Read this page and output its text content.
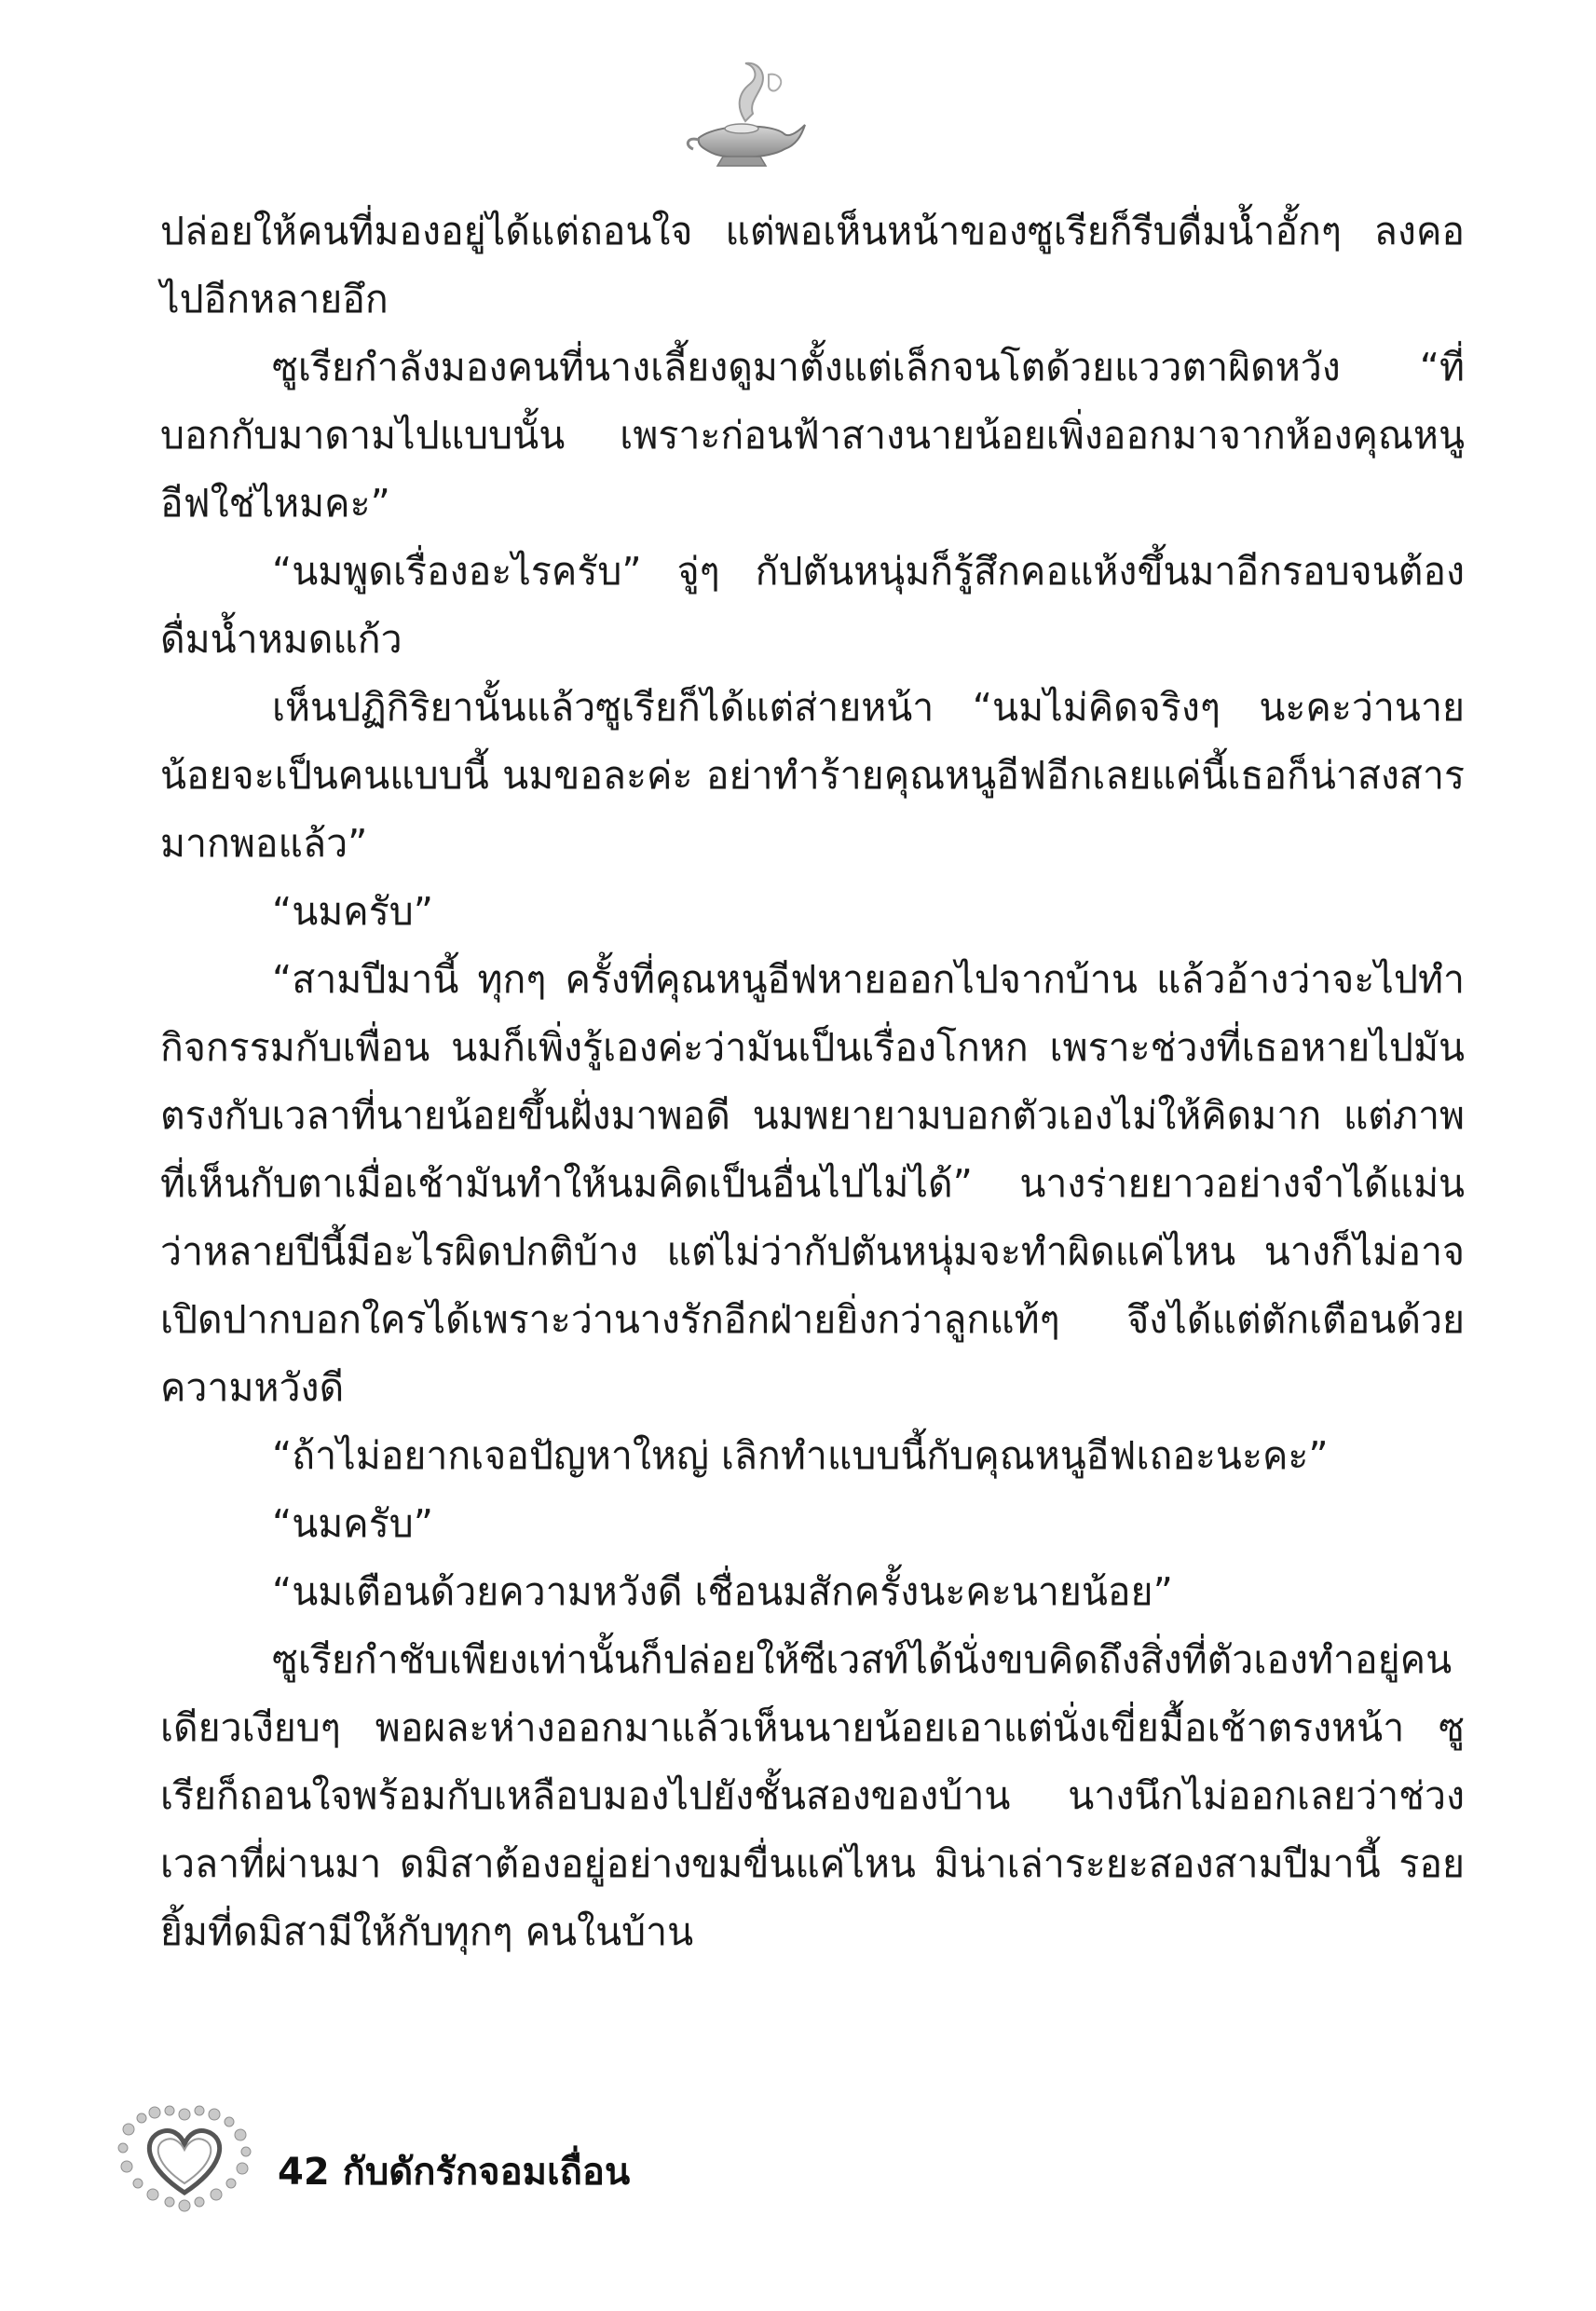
ปล่อยให้คนที่มองอยู่ได้แต่ถอนใจ แต่พอเห็นหน้าของซูเรียก็รีบดื่มน้ำอั้กๆ ลงคอไปอีกหลายอึก

ซูเรียกำลังมองคนที่นางเลี้ยงดูมาตั้งแต่เล็กจนโตด้วยแววตาผิดหวัง “ที่บอกกับมาดามไปแบบนั้น เพราะก่อนฟ้าสางนายน้อยเพิ่งออกมาจากห้องคุณหนูอีฟใช่ไหมคะ”

“นมพูดเรื่องอะไรครับ” จู่ๆ กัปตันหนุ่มก็รู้สึกคอแห้งขึ้นมาอีกรอบจนต้องดื่มน้ำหมดแก้ว

เห็นปฏิกิริยานั้นแล้วซูเรียก็ได้แต่ส่ายหน้า “นมไม่คิดจริงๆ นะคะว่านายน้อยจะเป็นคนแบบนี้ นมขอละค่ะ อย่าทำร้ายคุณหนูอีฟอีกเลยแค่นี้เธอก็น่าสงสารมากพอแล้ว”

“นมครับ”

“สามปีมานี้ ทุกๆ ครั้งที่คุณหนูอีฟหายออกไปจากบ้าน แล้วอ้างว่าจะไปทำกิจกรรมกับเพื่อน นมก็เพิ่งรู้เองค่ะว่ามันเป็นเรื่องโกหก เพราะช่วงที่เธอหายไปมันตรงกับเวลาที่นายน้อยขึ้นฝั่งมาพอดี นมพยายามบอกตัวเองไม่ให้คิดมาก แต่ภาพที่เห็นกับตาเมื่อเช้ามันทำให้นมคิดเป็นอื่นไปไม่ได้” นางร่ายยาวอย่างจำได้แม่นว่าหลายปีนี้มีอะไรผิดปกติบ้าง แต่ไม่ว่ากัปตันหนุ่มจะทำผิดแค่ไหน นางก็ไม่อาจเปิดปากบอกใครได้เพราะว่านางรักอีกฝ่ายยิ่งกว่าลูกแท้ๆ จึงได้แต่ตักเตือนด้วยความหวังดี

“ถ้าไม่อยากเจอปัญหาใหญ่ เลิกทำแบบนี้กับคุณหนูอีฟเถอะนะคะ”

“นมครับ”

“นมเตือนด้วยความหวังดี เชื่อนมสักครั้งนะคะนายน้อย”

ซูเรียกำชับเพียงเท่านั้นก็ปล่อยให้ซีเวสท์ได้นั่งขบคิดถึงสิ่งที่ตัวเองทำอยู่คนเดียวเงียบๆ พอผละห่างออกมาแล้วเห็นนายน้อยเอาแต่นั่งเขี่ยมื้อเช้าตรงหน้า ซูเรียก็ถอนใจพร้อมกับเหลือบมองไปยังชั้นสองของบ้าน นางนึกไม่ออกเลยว่าช่วงเวลาที่ผ่านมา ดมิสาต้องอยู่อย่างขมขื่นแค่ไหน มิน่าเล่าระยะสองสามปีมานี้ รอยยิ้มที่ดมิสามีให้กับทุกๆ คนในบ้าน

42 กับดักรักจอมเถื่อน
